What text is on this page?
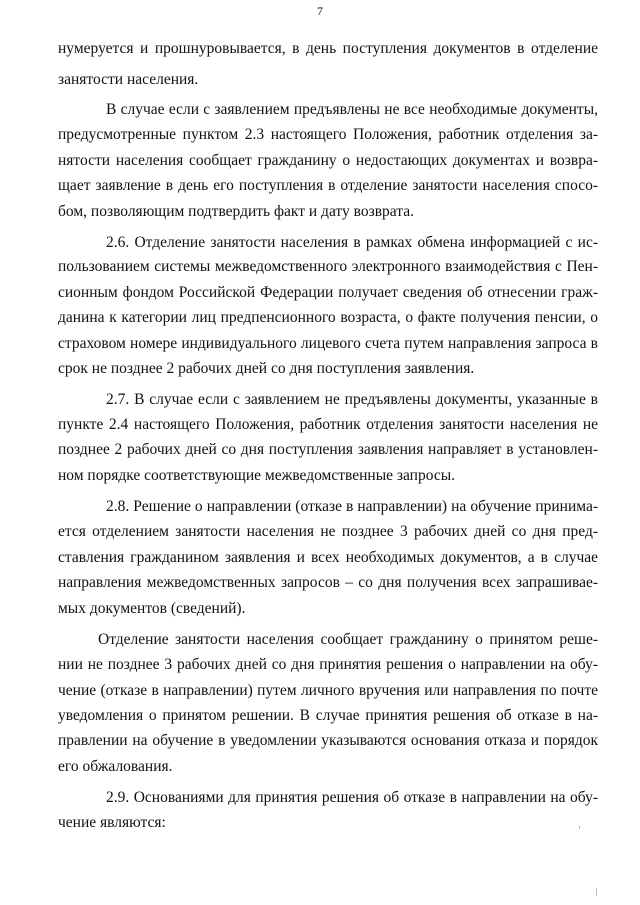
7
нумеруется и прошнуровывается, в день поступления документов в отделение
занятости населения.
В случае если с заявлением предъявлены не все необходимые документы,
предусмотренные пунктом 2.3 настоящего Положения, работник отделения за-
нятости населения сообщает гражданину о недостающих документах и возвра-
щает заявление в день его поступления в отделение занятости населения спосо-
бом, позволяющим подтвердить факт и дату возврата.
2.6. Отделение занятости населения в рамках обмена информацией с ис-
пользованием системы межведомственного электронного взаимодействия с Пен-
сионным фондом Российской Федерации получает сведения об отнесении граж-
данина к категории лиц предпенсионного возраста, о факте получения пенсии, о
страховом номере индивидуального лицевого счета путем направления запроса в
срок не позднее 2 рабочих дней со дня поступления заявления.
2.7. В случае если с заявлением не предъявлены документы, указанные в
пункте 2.4 настоящего Положения, работник отделения занятости населения не
позднее 2 рабочих дней со дня поступления заявления направляет в установлен-
ном порядке соответствующие межведомственные запросы.
2.8. Решение о направлении (отказе в направлении) на обучение принима-
ется отделением занятости населения не позднее 3 рабочих дней со дня пред-
ставления гражданином заявления и всех необходимых документов, а в случае
направления межведомственных запросов – со дня получения всех запрашивае-
мых документов (сведений).
Отделение занятости населения сообщает гражданину о принятом реше-
нии не позднее 3 рабочих дней со дня принятия решения о направлении на обу-
чение (отказе в направлении) путем личного вручения или направления по почте
уведомления о принятом решении. В случае принятия решения об отказе в на-
правлении на обучение в уведомлении указываются основания отказа и порядок
его обжалования.
2.9. Основаниями для принятия решения об отказе в направлении на обу-
чение являются:
